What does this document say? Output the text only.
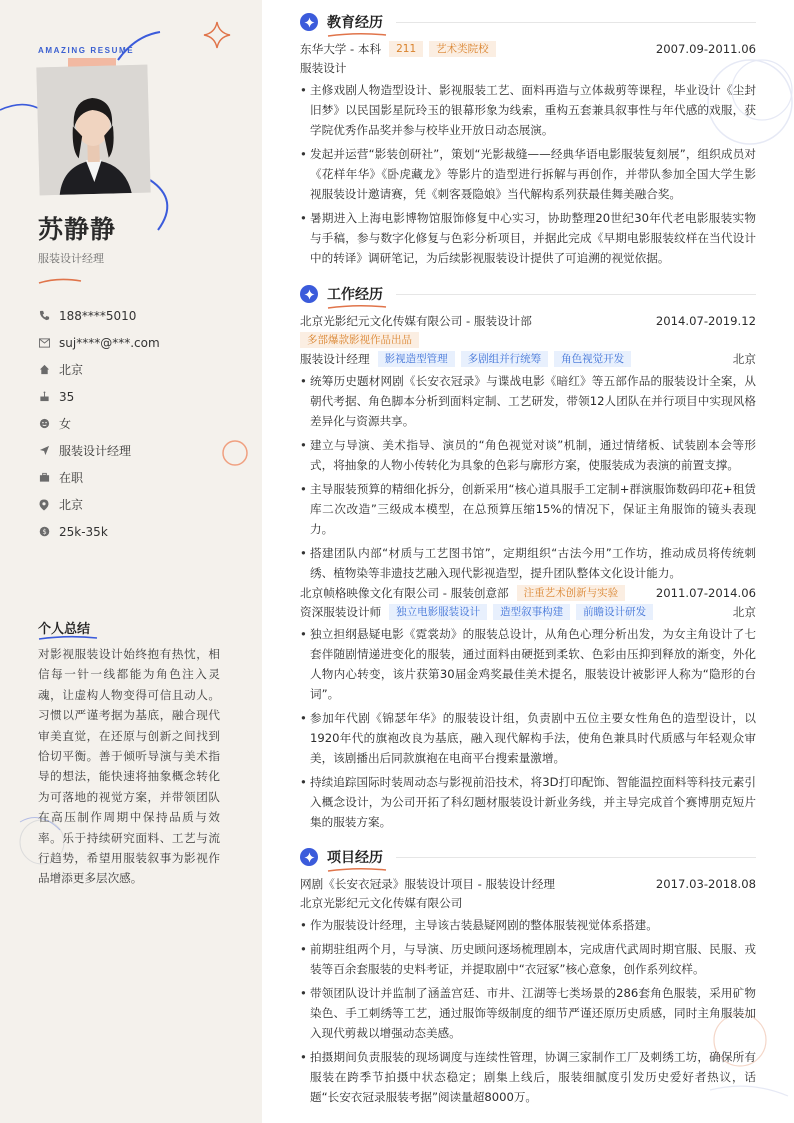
AMAZING RESUME
苏静静
服装设计经理
188****5010
suj****@***.com
北京
35
女
服装设计经理
在职
北京
$ 25k-35k
个人总结
对影视服装设计始终抱有热忱，相信每一针一线都能为角色注入灵魂，让虚构人物变得可信且动人。习惯以严谨考据为基底，融合现代审美直觉，在还原与创新之间找到恰切平衡。善于倾听导演与美术指导的想法，能快速将抽象概念转化为可落地的视觉方案，并带领团队在高压制作周期中保持品质与效率。乐于持续研究面料、工艺与流行趋势，希望用服装叙事为影视作品增添更多层次感。
教育经历
东华大学 - 本科	211	艺术类院校	2007.09-2011.06
服装设计
• 主修戏剧人物造型设计、影视服装工艺、面料再造与立体裁剪等课程，毕业设计《尘封旧梦》以民国影星阮玲玉的银幕形象为线索，重构五套兼具叙事性与年代感的戏服，获学院优秀作品奖并参与校毕业开放日动态展演。
• 发起并运营“影装创研社”，策划“光影裁缝——经典华语电影服装复刻展”，组织成员对《花样年华》《卧虎藏龙》等影片的造型进行拆解与再创作，并带队参加全国大学生影视服装设计邀请赛，凭《刺客聂隐娘》当代解构系列获最佳舞美融合奖。
• 暑期进入上海电影博物馆服饰修复中心实习，协助整理20世纪30年代老电影服装实物与手稿，参与数字化修复与色彩分析项目，并据此完成《早期电影服装纹样在当代设计中的转译》调研笔记，为后续影视服装设计提供了可追溯的视觉依据。
工作经历
北京光影纪元文化传媒有限公司 - 服装设计部	2014.07-2019.12
多部爆款影视作品出品
服装设计经理	影视造型管理	多剧组并行统筹	角色视觉开发	北京
• 统筹历史题材网剧《长安衣冠录》与谍战电影《暗红》等五部作品的服装设计全案，从朝代考据、角色脚本分析到面料定制、工艺研发，带领12人团队在并行项目中实现风格差异化与资源共享。
• 建立与导演、美术指导、演员的“角色视觉对谈”机制，通过情绪板、试装剧本会等形式，将抽象的人物小传转化为具象的色彩与廓形方案，使服装成为表演的前置支撑。
• 主导服装预算的精细化拆分，创新采用“核心道具服手工定制+群演服饰数码印花+租赁库二次改造”三级成本模型，在总预算压缩15%的情况下，保证主角服饰的镜头表现力。
• 搭建团队内部“材质与工艺图书馆”，定期组织“古法今用”工作坊，推动成员将传统刺绣、植物染等非遗技艺融入现代影视造型，提升团队整体文化设计能力。
北京帧格映像文化有限公司 - 服装创意部	注重艺术创新与实验	2011.07-2014.06
资深服装设计师	独立电影服装设计	造型叙事构建	前瞻设计研发	北京
• 独立担纲悬疑电影《霓裳劫》的服装总设计，从角色心理分析出发，为女主角设计了七套伴随剧情递进变化的服装，通过面料由硬挺到柔软、色彩由压抑到释放的渐变，外化人物内心转变，该片获第30届金鸡奖最佳美术提名，服装设计被影评人称为“隐形的台词”。
• 参加年代剧《锦瑟年华》的服装设计组，负责剧中五位主要女性角色的造型设计，以1920年代的旗袍改良为基底，融入现代解构手法，使角色兼具时代质感与年轻观众审美，该剧播出后同款旗袍在电商平台搜索量激增。
• 持续追踪国际时装周动态与影视前沿技术，将3D打印配饰、智能温控面料等科技元素引入概念设计，为公司开拓了科幻题材服装设计新业务线，并主导完成首个赛博朋克短片集的服装方案。
项目经历
网剧《长安衣冠录》服装设计项目 - 服装设计经理	2017.03-2018.08
北京光影纪元文化传媒有限公司
• 作为服装设计经理，主导该古装悬疑网剧的整体服装视觉体系搭建。
• 前期驻组两个月，与导演、历史顾问逐场梳理剧本，完成唐代武周时期官服、民服、戎装等百余套服装的史料考证，并提取剧中“衣冠冢”核心意象，创作系列纹样。
• 带领团队设计并监制了涵盖宫廷、市井、江湖等七类场景的286套角色服装，采用矿物染色、手工刺绣等工艺，通过服饰等级制度的细节严谨还原历史质感，同时主角服装加入现代剪裁以增强动态美感。
• 拍摄期间负责服装的现场调度与连续性管理，协调三家制作工厂及刺绣工坊，确保所有服装在跨季节拍摄中状态稳定；剧集上线后，服装细腻度引发历史爱好者热议，话题“长安衣冠录服装考据”阅读量超8000万。
